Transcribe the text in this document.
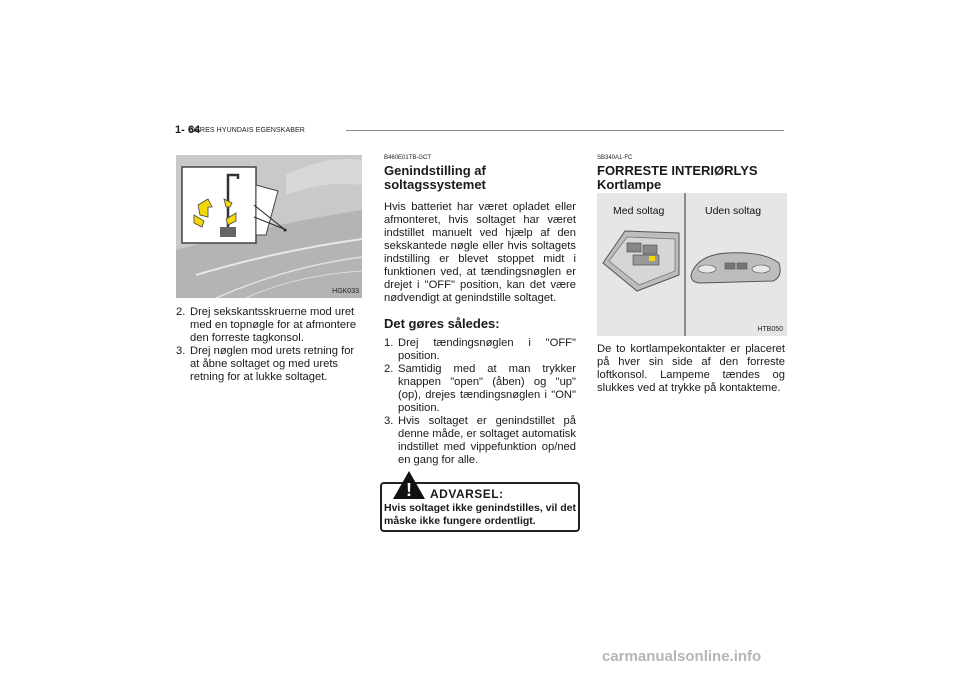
1- 64
DERES HYUNDAIS EGENSKABER
HGK033

2. Drej sekskantsskruerne mod uret med en topnøgle for at afmontere den forreste tagkonsol.

3. Drej nøglen mod urets retning for at åbne soltaget og med urets retning for at lukke soltaget.

B460E01TB-GCT
Genindstilling af soltagssystemet
Hvis batteriet har været opladet eller afmonteret, hvis soltaget har været indstillet manuelt ved hjælp af den sekskantede nøgle eller hvis soltagets indstilling er blevet stoppet midt i funktionen ved, at tændingsnøglen er drejet i "OFF" position, kan det være nødvendigt at genindstille soltaget.
Det gøres således:

1. Drej tændingsnøglen i "OFF" position.

2. Samtidig med at man trykker knappen "open" (åben) og "up" (op), drejes tændingsnøglen i "ON" position.

3. Hvis soltaget er genindstillet på denne måde, er soltaget automatisk indstillet med vippefunktion op/ned en gang for alle.

! ADVARSEL:
Hvis soltaget ikke genindstilles, vil det måske ikke fungere ordentligt.
SB340A1-FC
FORRESTE INTERIØRLYS
Kortlampe
Med soltag	Uden soltag
HTB050
De to kortlampekontakter er placeret på hver sin side af den forreste loftkonsol. Lampeme tændes og slukkes ved at trykke på kontakteme.
carmanualsonline.info
